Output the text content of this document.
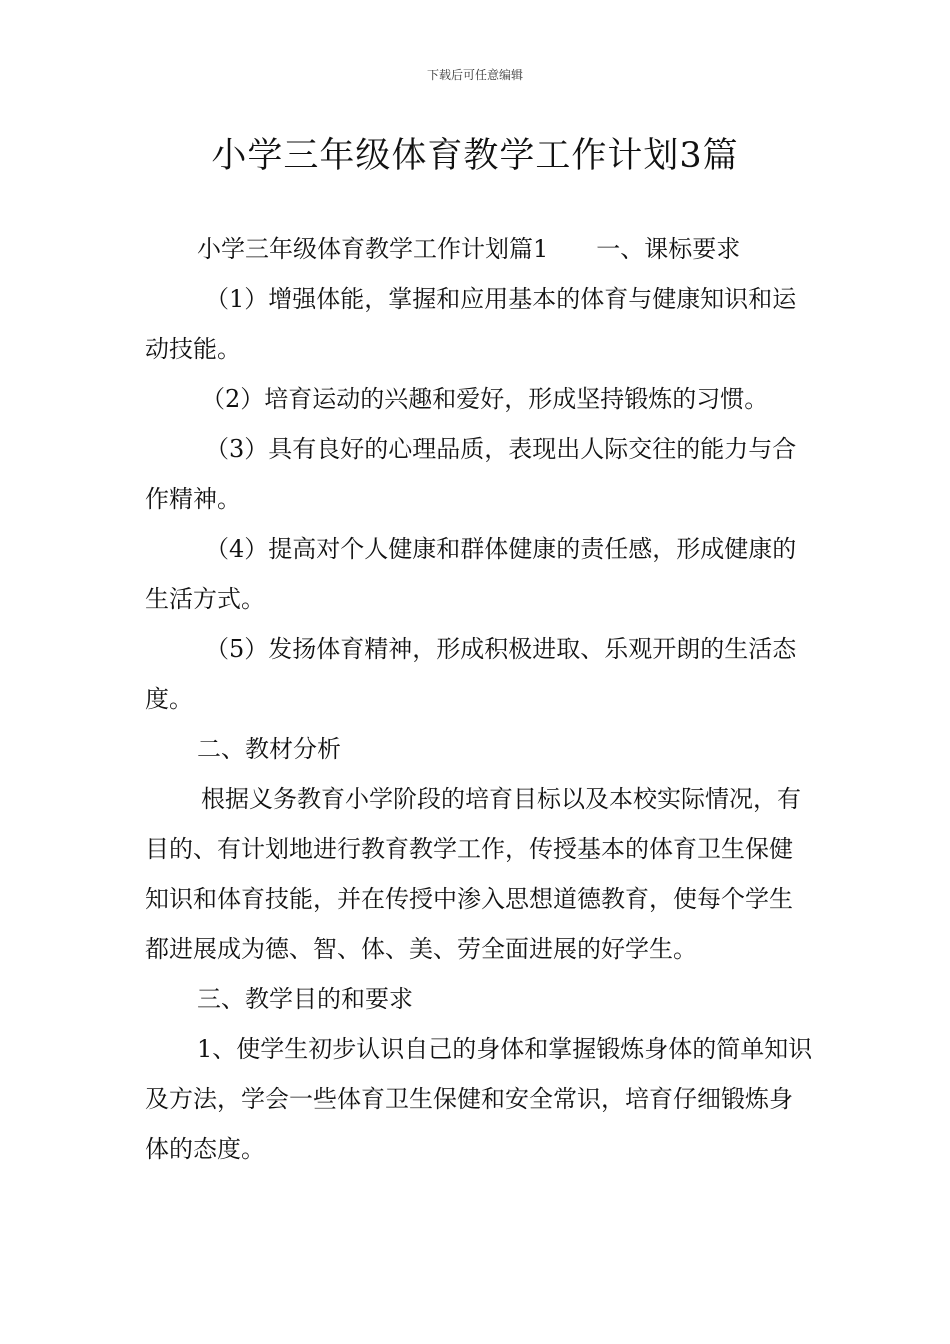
下载后可任意编辑
小学三年级体育教学工作计划3篇

小学三年级体育教学工作计划篇1 一、课标要求

（1）增强体能，掌握和应用基本的体育与健康知识和运动技能。

（2）培育运动的兴趣和爱好，形成坚持锻炼的习惯。

（3）具有良好的心理品质，表现出人际交往的能力与合作精神。

（4）提高对个人健康和群体健康的责任感，形成健康的生活方式。

（5）发扬体育精神，形成积极进取、乐观开朗的生活态度。

二、教材分析

根据义务教育小学阶段的培育目标以及本校实际情况，有目的、有计划地进行教育教学工作，传授基本的体育卫生保健知识和体育技能，并在传授中渗入思想道德教育，使每个学生都进展成为德、智、体、美、劳全面进展的好学生。

三、教学目的和要求

1、使学生初步认识自己的身体和掌握锻炼身体的简单知识及方法，学会一些体育卫生保健和安全常识，培育仔细锻炼身体的态度。
